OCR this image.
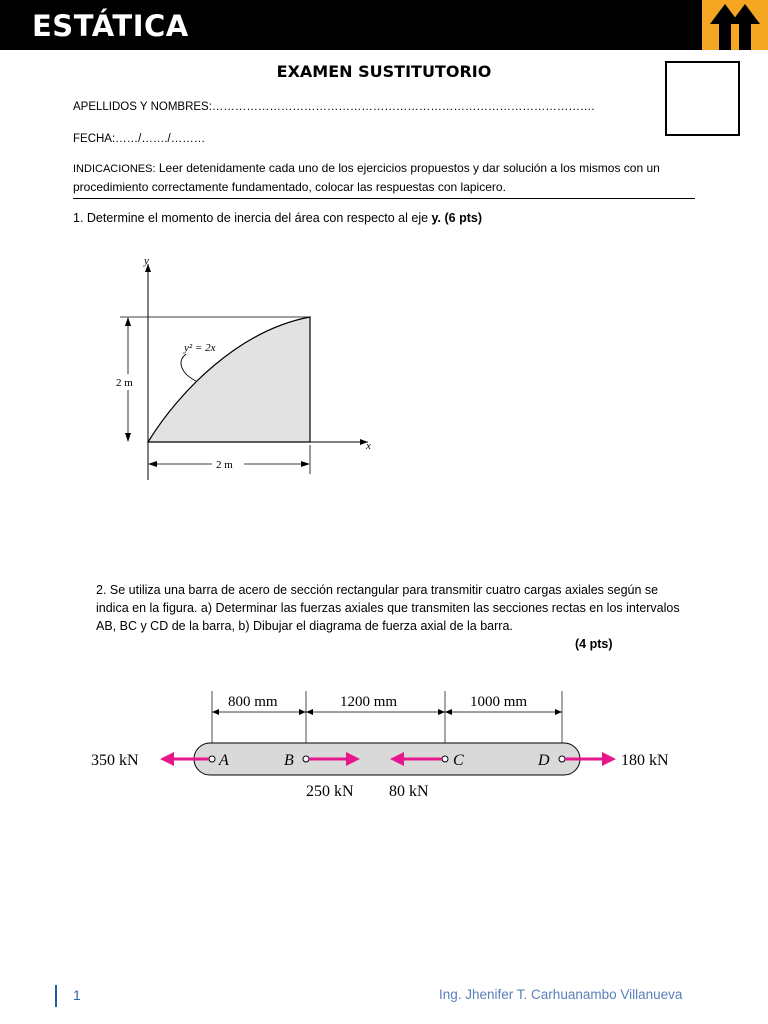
ESTÁTICA
EXAMEN SUSTITUTORIO
APELLIDOS Y NOMBRES:……………………………………………………………………………………….
FECHA:……/……./………
INDICACIONES: Leer detenidamente cada uno de los ejercicios propuestos y dar solución a los mismos con un procedimiento correctamente fundamentado, colocar las respuestas con lapicero.
1. Determine el momento de inercia del área con respecto al eje y. (6 pts)
y
x
2 m
2 m
y² = 2x
2. Se utiliza una barra de acero de sección rectangular para transmitir cuatro cargas axiales según se indica en la figura. a) Determinar las fuerzas axiales que transmiten las secciones rectas en los intervalos AB, BC y CD de la barra, b) Dibujar el diagrama de fuerza axial de la barra.
(4 pts)
800 mm	1200 mm	1000 mm
A	B	C	D
350 kN
250 kN 80 kN
180 kN
1	Ing. Jhenifer T. Carhuanambo Villanueva
